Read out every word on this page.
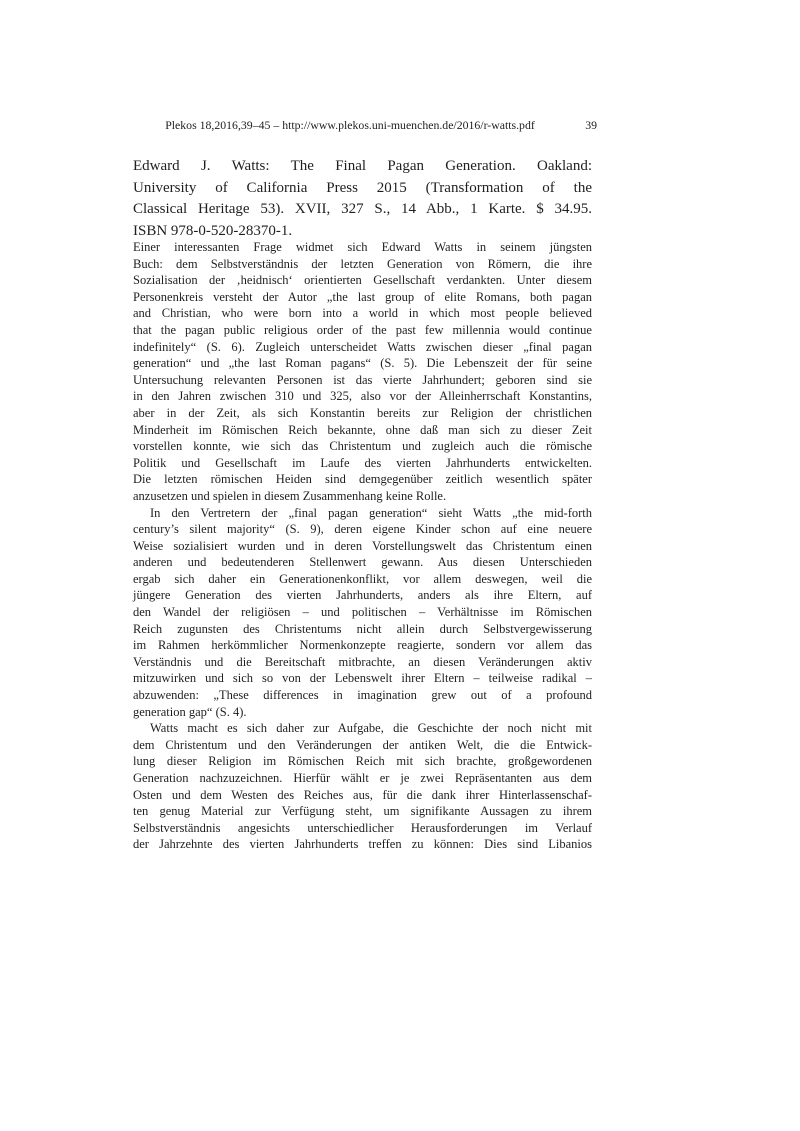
Plekos 18,2016,39–45 – http://www.plekos.uni-muenchen.de/2016/r-watts.pdf	39
Edward J. Watts: The Final Pagan Generation. Oakland:
University of California Press 2015 (Transformation of the
Classical Heritage 53). XVII, 327 S., 14 Abb., 1 Karte. $ 34.95.
ISBN 978-0-520-28370-1.
Einer interessanten Frage widmet sich Edward Watts in seinem jüngsten
Buch: dem Selbstverständnis der letzten Generation von Römern, die ihre
Sozialisation der ‚heidnisch‘ orientierten Gesellschaft verdankten. Unter diesem
Personenkreis versteht der Autor „the last group of elite Romans, both pagan
and Christian, who were born into a world in which most people believed
that the pagan public religious order of the past few millennia would continue
indefinitely“ (S. 6). Zugleich unterscheidet Watts zwischen dieser „final pagan
generation“ und „the last Roman pagans“ (S. 5). Die Lebenszeit der für seine
Untersuchung relevanten Personen ist das vierte Jahrhundert; geboren sind sie
in den Jahren zwischen 310 und 325, also vor der Alleinherrschaft Konstantins,
aber in der Zeit, als sich Konstantin bereits zur Religion der christlichen
Minderheit im Römischen Reich bekannte, ohne daß man sich zu dieser Zeit
vorstellen konnte, wie sich das Christentum und zugleich auch die römische
Politik und Gesellschaft im Laufe des vierten Jahrhunderts entwickelten.
Die letzten römischen Heiden sind demgegenüber zeitlich wesentlich später
anzusetzen und spielen in diesem Zusammenhang keine Rolle.
In den Vertretern der „final pagan generation“ sieht Watts „the mid-forth
century’s silent majority“ (S. 9), deren eigene Kinder schon auf eine neuere
Weise sozialisiert wurden und in deren Vorstellungswelt das Christentum einen
anderen und bedeutenderen Stellenwert gewann. Aus diesen Unterschieden
ergab sich daher ein Generationenkonflikt, vor allem deswegen, weil die
jüngere Generation des vierten Jahrhunderts, anders als ihre Eltern, auf
den Wandel der religiösen – und politischen – Verhältnisse im Römischen
Reich zugunsten des Christentums nicht allein durch Selbstvergewisserung
im Rahmen herkömmlicher Normenkonzepte reagierte, sondern vor allem das
Verständnis und die Bereitschaft mitbrachte, an diesen Veränderungen aktiv
mitzuwirken und sich so von der Lebenswelt ihrer Eltern – teilweise radikal –
abzuwenden: „These differences in imagination grew out of a profound
generation gap“ (S. 4).
Watts macht es sich daher zur Aufgabe, die Geschichte der noch nicht mit
dem Christentum und den Veränderungen der antiken Welt, die die Entwick-
lung dieser Religion im Römischen Reich mit sich brachte, großgewordenen
Generation nachzuzeichnen. Hierfür wählt er je zwei Repräsentanten aus dem
Osten und dem Westen des Reiches aus, für die dank ihrer Hinterlassenschaf-
ten genug Material zur Verfügung steht, um signifikante Aussagen zu ihrem
Selbstverständnis angesichts unterschiedlicher Herausforderungen im Verlauf
der Jahrzehnte des vierten Jahrhunderts treffen zu können: Dies sind Libanios
